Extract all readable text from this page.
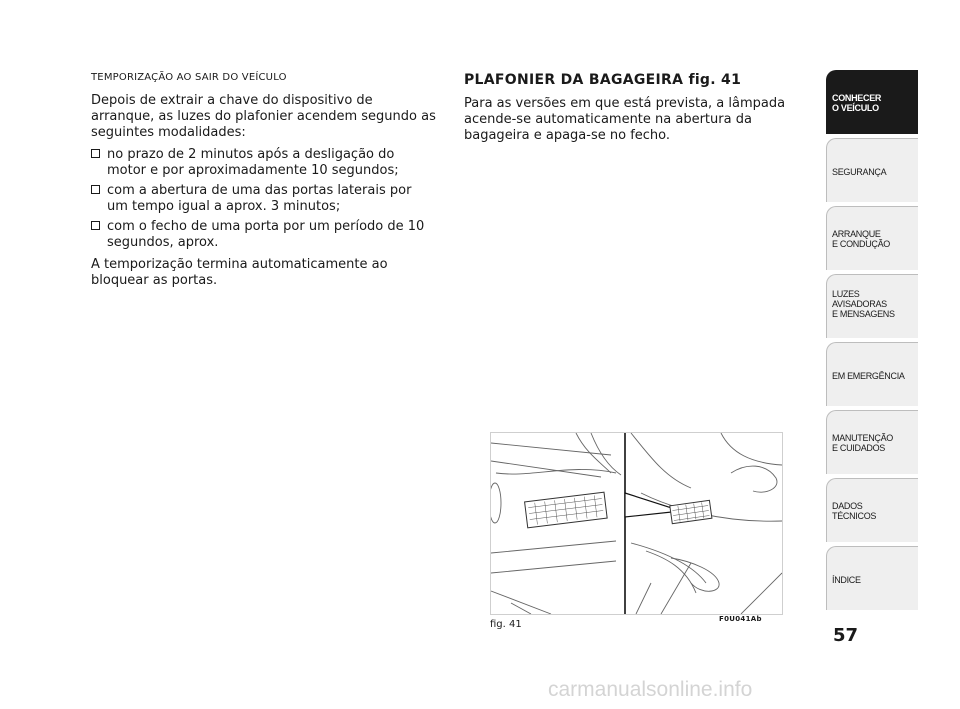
TEMPORIZAÇÃO AO SAIR DO VEÍCULO

Depois de extrair a chave do dispositivo de arranque, as luzes do plafonier acendem segundo as seguintes modalidades:

no prazo de 2 minutos após a desligação do motor e por aproximadamente 10 segundos;
com a abertura de uma das portas laterais por um tempo igual a aprox. 3 minutos;
com o fecho de uma porta por um período de 10 segundos, aprox.

A temporização termina automaticamente ao bloquear as portas.

PLAFONIER DA BAGAGEIRA fig. 41

Para as versões em que está prevista, a lâmpada acende-se automaticamente na abertura da bagageira e apaga-se no fecho.

fig. 41	F0U041Ab
CONHECER
O VEÍCULO
SEGURANÇA
ARRANQUE
E CONDUÇÃO
LUZES
AVISADORAS
E MENSAGENS
EM EMERGÊNCIA
MANUTENÇÃO
E CUIDADOS
DADOS
TÉCNICOS
ÍNDICE
57
carmanualsonline.info
